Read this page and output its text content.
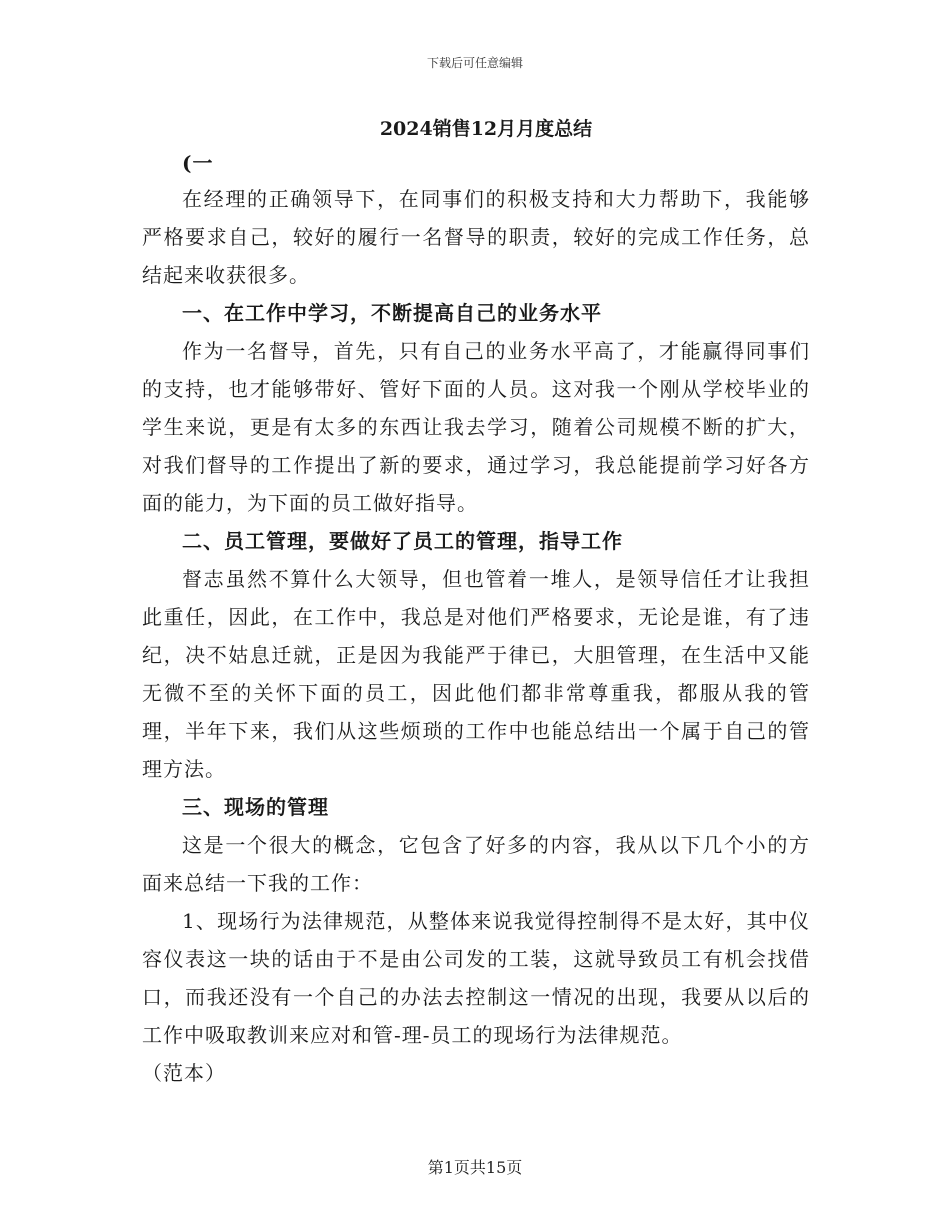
下载后可任意编辑
2024销售12月月度总结

(一

在经理的正确领导下，在同事们的积极支持和大力帮助下，我能够严格要求自己，较好的履行一名督导的职责，较好的完成工作任务，总结起来收获很多。

一、在工作中学习，不断提高自己的业务水平

作为一名督导，首先，只有自己的业务水平高了，才能赢得同事们的支持，也才能够带好、管好下面的人员。这对我一个刚从学校毕业的学生来说，更是有太多的东西让我去学习，随着公司规模不断的扩大，对我们督导的工作提出了新的要求，通过学习，我总能提前学习好各方面的能力，为下面的员工做好指导。

二、员工管理，要做好了员工的管理，指导工作

督志虽然不算什么大领导，但也管着一堆人，是领导信任才让我担此重任，因此，在工作中，我总是对他们严格要求，无论是谁，有了违纪，决不姑息迁就，正是因为我能严于律已，大胆管理，在生活中又能无微不至的关怀下面的员工，因此他们都非常尊重我，都服从我的管理，半年下来，我们从这些烦琐的工作中也能总结出一个属于自己的管理方法。

三、现场的管理

这是一个很大的概念，它包含了好多的内容，我从以下几个小的方面来总结一下我的工作：

1、现场行为法律规范，从整体来说我觉得控制得不是太好，其中仪容仪表这一块的话由于不是由公司发的工装，这就导致员工有机会找借口，而我还没有一个自己的办法去控制这一情况的出现，我要从以后的工作中吸取教训来应对和管-理-员工的现场行为法律规范。

（范本）

第1页共15页
